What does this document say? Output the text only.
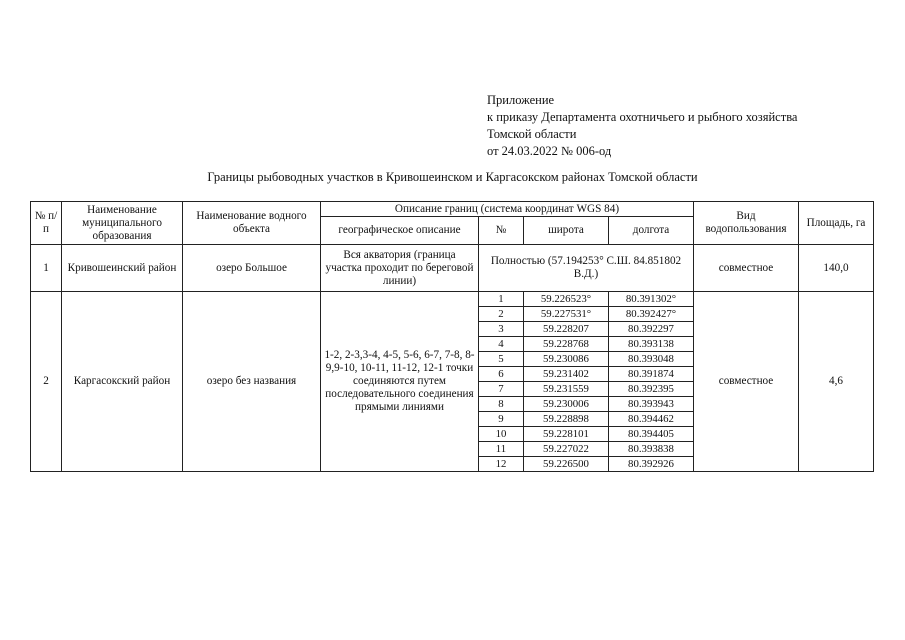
Приложение
к приказу Департамента охотничьего и рыбного хозяйства
Томской области
от 24.03.2022 № 006-од
Границы рыбоводных участков в Кривошеинском и Каргасокском районах Томской области
№ п/п	Наименование муниципального образования	Наименование водного объекта	Описание границ (система координат WGS 84)				Вид водопользования	Площадь, га
			географическое описание	№	широта	долгота		
1	Кривошеинский район	озеро Большое	Вся акватория (граница участка проходит по береговой линии)	Полностью (57.194253° С.Ш. 84.851802 В.Д.)			совместное	140,0
2	Каргасокский район	озеро без названия	1-2, 2-3,3-4, 4-5, 5-6, 6-7, 7-8, 8-9,9-10, 10-11, 11-12, 12-1 точки соединяются путем последовательного соединения прямыми линиями	1	59.226523°	80.391302°	совместное	4,6
				2	59.227531°	80.392427°		
				3	59.228207	80.392297		
				4	59.228768	80.393138		
				5	59.230086	80.393048		
				6	59.231402	80.391874		
				7	59.231559	80.392395		
				8	59.230006	80.393943		
				9	59.228898	80.394462		
				10	59.228101	80.394405		
				11	59.227022	80.393838		
				12	59.226500	80.392926		
